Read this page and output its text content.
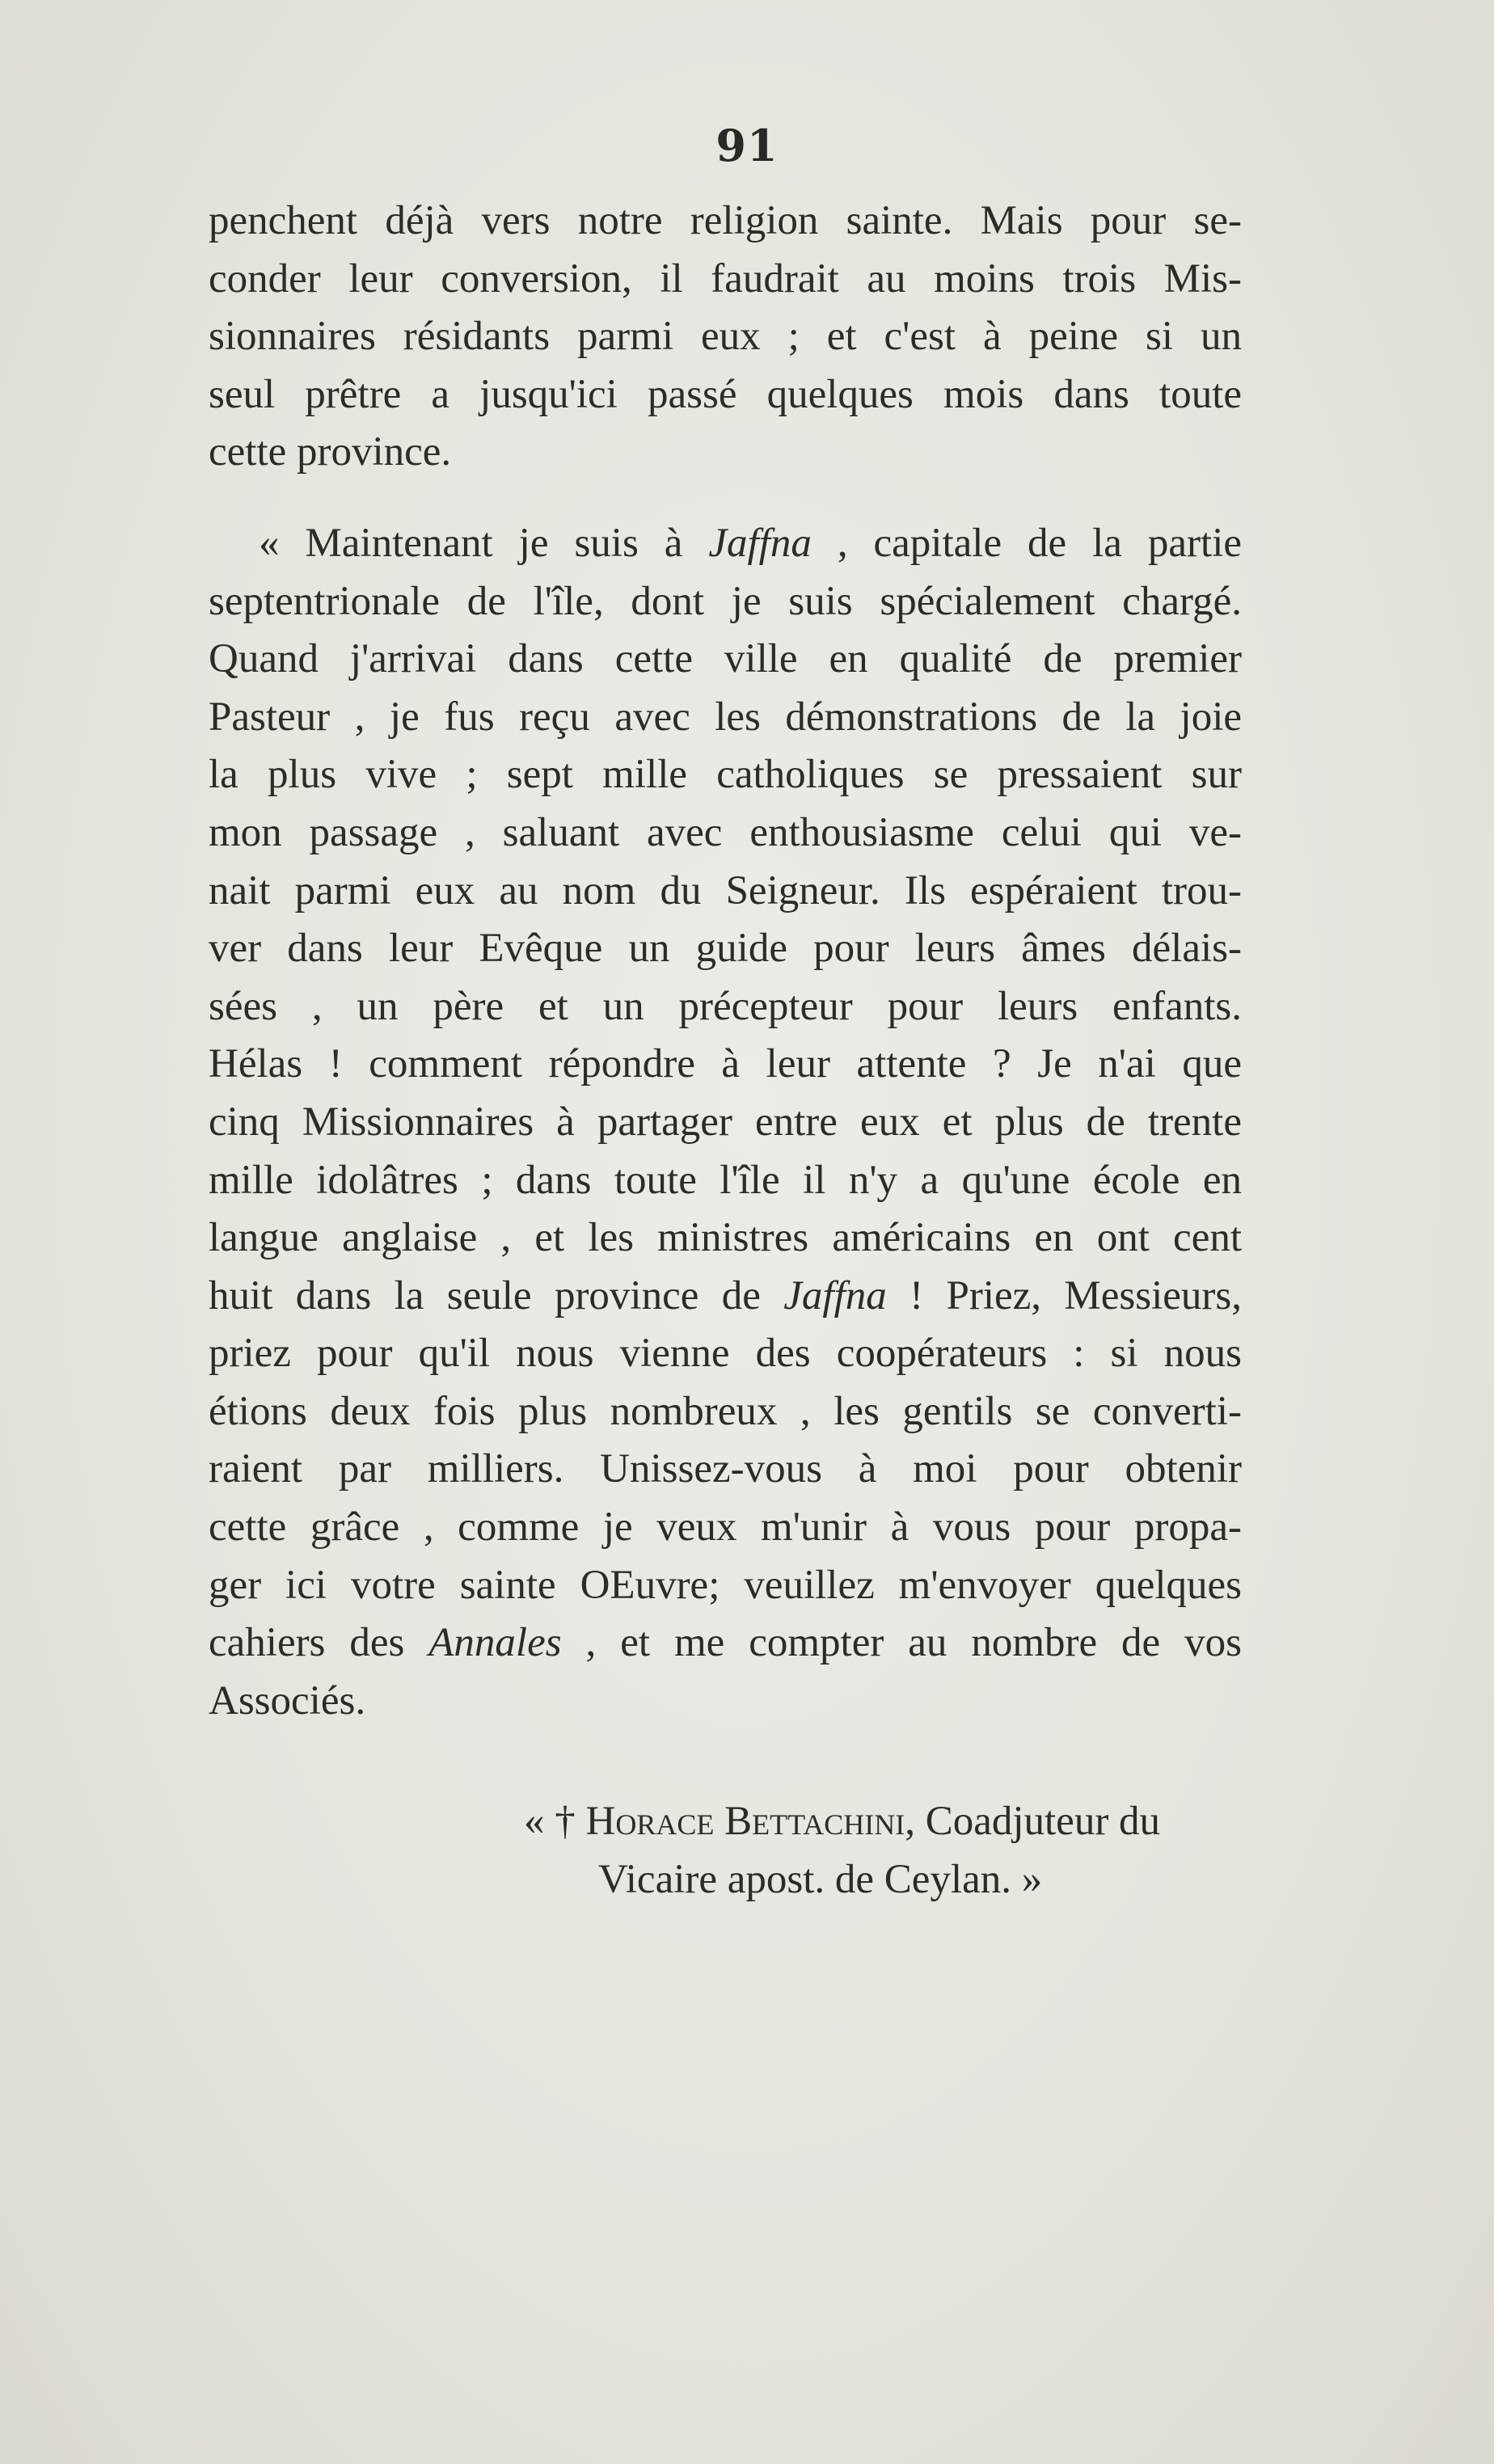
91
penchent déjà vers notre religion sainte. Mais pour se-
conder leur conversion, il faudrait au moins trois Mis-
sionnaires résidants parmi eux ; et c'est à peine si un
seul prêtre a jusqu'ici passé quelques mois dans toute
cette province.
« Maintenant je suis à Jaffna , capitale de la partie
septentrionale de l'île, dont je suis spécialement chargé.
Quand j'arrivai dans cette ville en qualité de premier
Pasteur , je fus reçu avec les démonstrations de la joie
la plus vive ; sept mille catholiques se pressaient sur
mon passage , saluant avec enthousiasme celui qui ve-
nait parmi eux au nom du Seigneur. Ils espéraient trou-
ver dans leur Evêque un guide pour leurs âmes délais-
sées , un père et un précepteur pour leurs enfants.
Hélas ! comment répondre à leur attente ? Je n'ai que
cinq Missionnaires à partager entre eux et plus de trente
mille idolâtres ; dans toute l'île il n'y a qu'une école en
langue anglaise , et les ministres américains en ont cent
huit dans la seule province de Jaffna ! Priez, Messieurs,
priez pour qu'il nous vienne des coopérateurs : si nous
étions deux fois plus nombreux , les gentils se converti-
raient par milliers. Unissez-vous à moi pour obtenir
cette grâce , comme je veux m'unir à vous pour propa-
ger ici votre sainte OEuvre; veuillez m'envoyer quelques
cahiers des Annales , et me compter au nombre de vos
Associés.
« † Horace Bettachini, Coadjuteur du
Vicaire apost. de Ceylan. »
